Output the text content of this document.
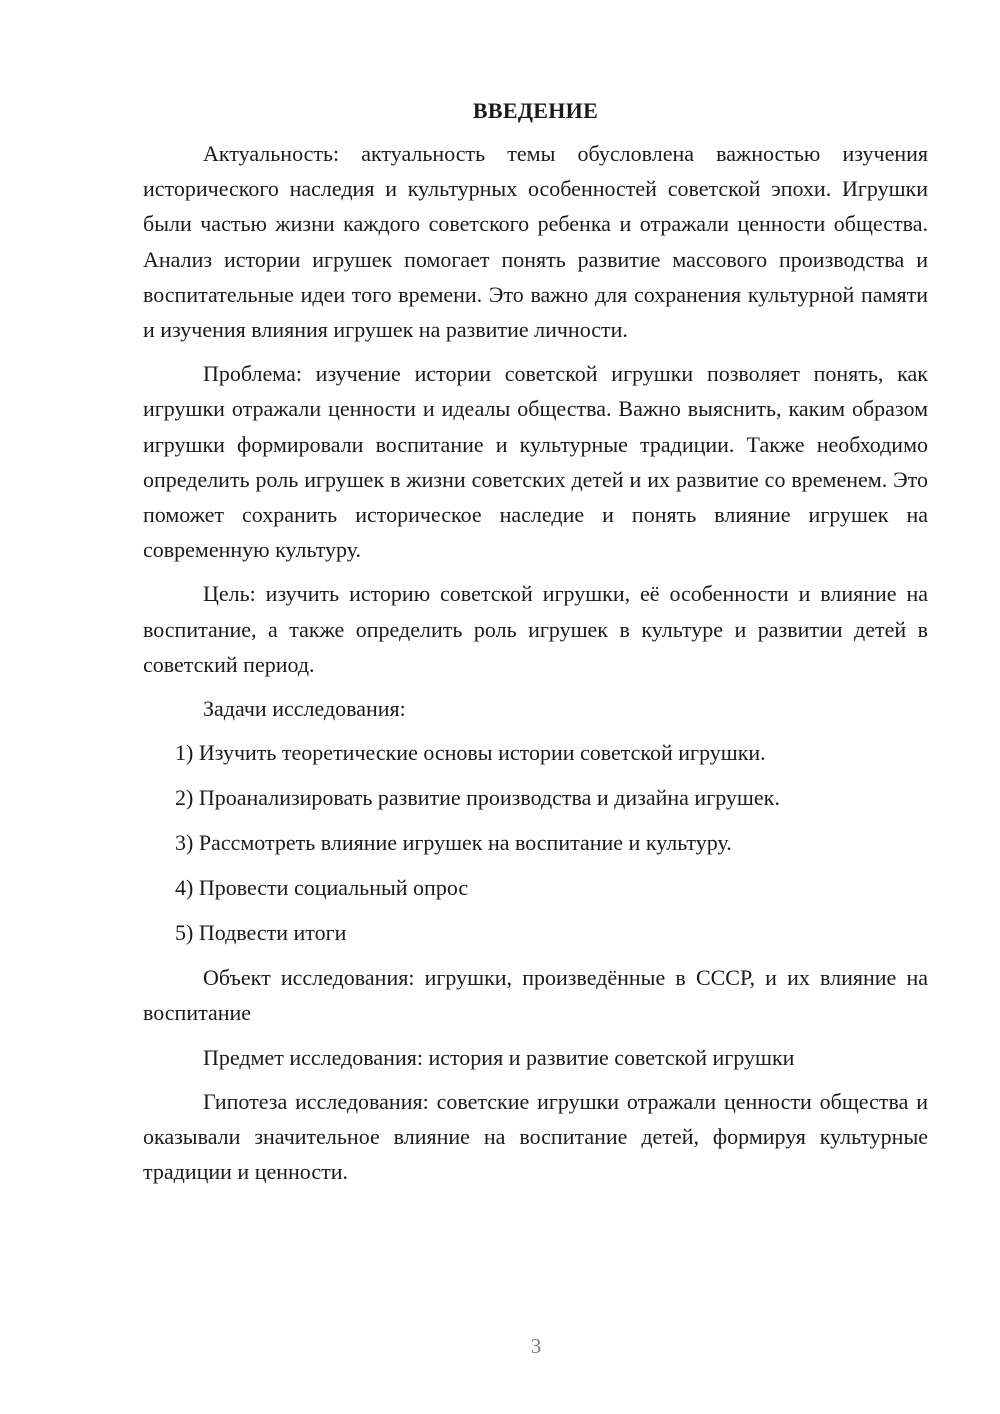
ВВЕДЕНИЕ

Актуальность: актуальность темы обусловлена важностью изучения исторического наследия и культурных особенностей советской эпохи. Игрушки были частью жизни каждого советского ребенка и отражали ценности общества. Анализ истории игрушек помогает понять развитие массового производства и воспитательные идеи того времени. Это важно для сохранения культурной памяти и изучения влияния игрушек на развитие личности.

Проблема: изучение истории советской игрушки позволяет понять, как игрушки отражали ценности и идеалы общества. Важно выяснить, каким образом игрушки формировали воспитание и культурные традиции. Также необходимо определить роль игрушек в жизни советских детей и их развитие со временем. Это поможет сохранить историческое наследие и понять влияние игрушек на современную культуру.

Цель: изучить историю советской игрушки, её особенности и влияние на воспитание, а также определить роль игрушек в культуре и развитии детей в советский период.

Задачи исследования:

1) Изучить теоретические основы истории советской игрушки.
2) Проанализировать развитие производства и дизайна игрушек.
3) Рассмотреть влияние игрушек на воспитание и культуру.
4) Провести социальный опрос
5) Подвести итоги

Объект исследования: игрушки, произведённые в СССР, и их влияние на воспитание

Предмет исследования: история и развитие советской игрушки

Гипотеза исследования: советские игрушки отражали ценности общества и оказывали значительное влияние на воспитание детей, формируя культурные традиции и ценности.

3
